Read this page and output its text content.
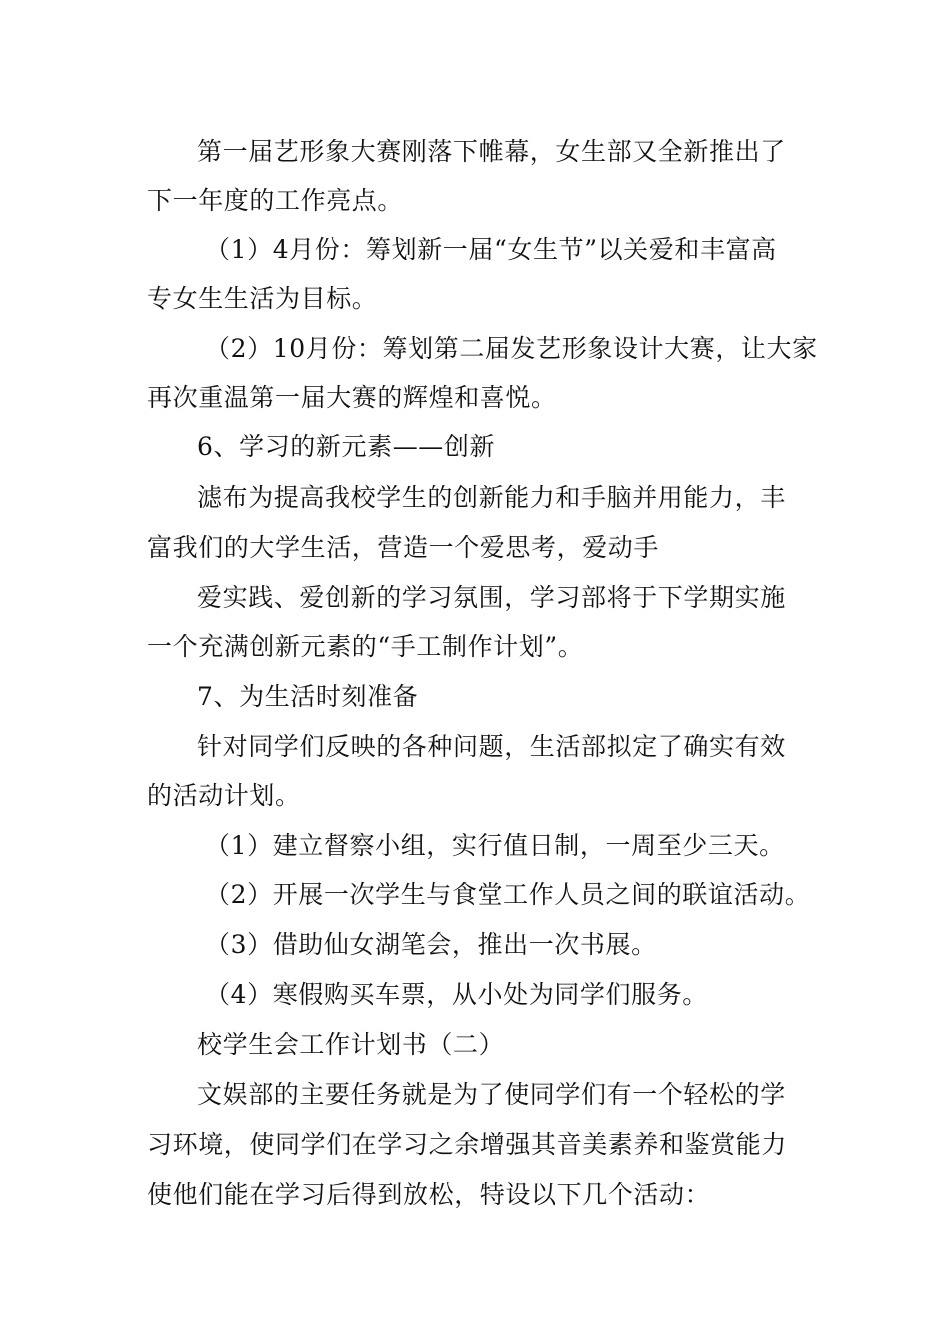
第一届艺形象大赛刚落下帷幕，女生部又全新推出了
下一年度的工作亮点。
（1）4月份：筹划新一届“女生节”以关爱和丰富高
专女生生活为目标。
（2）10月份：筹划第二届发艺形象设计大赛，让大家
再次重温第一届大赛的辉煌和喜悦。
6、学习的新元素——创新
滤布为提高我校学生的创新能力和手脑并用能力，丰
富我们的大学生活，营造一个爱思考，爱动手
爱实践、爱创新的学习氛围，学习部将于下学期实施
一个充满创新元素的“手工制作计划”。
7、为生活时刻准备
针对同学们反映的各种问题，生活部拟定了确实有效
的活动计划。
（1）建立督察小组，实行值日制，一周至少三天。
（2）开展一次学生与食堂工作人员之间的联谊活动。
（3）借助仙女湖笔会，推出一次书展。
（4）寒假购买车票，从小处为同学们服务。
校学生会工作计划书（二）
文娱部的主要任务就是为了使同学们有一个轻松的学
习环境，使同学们在学习之余增强其音美素养和鉴赏能力
使他们能在学习后得到放松，特设以下几个活动：
